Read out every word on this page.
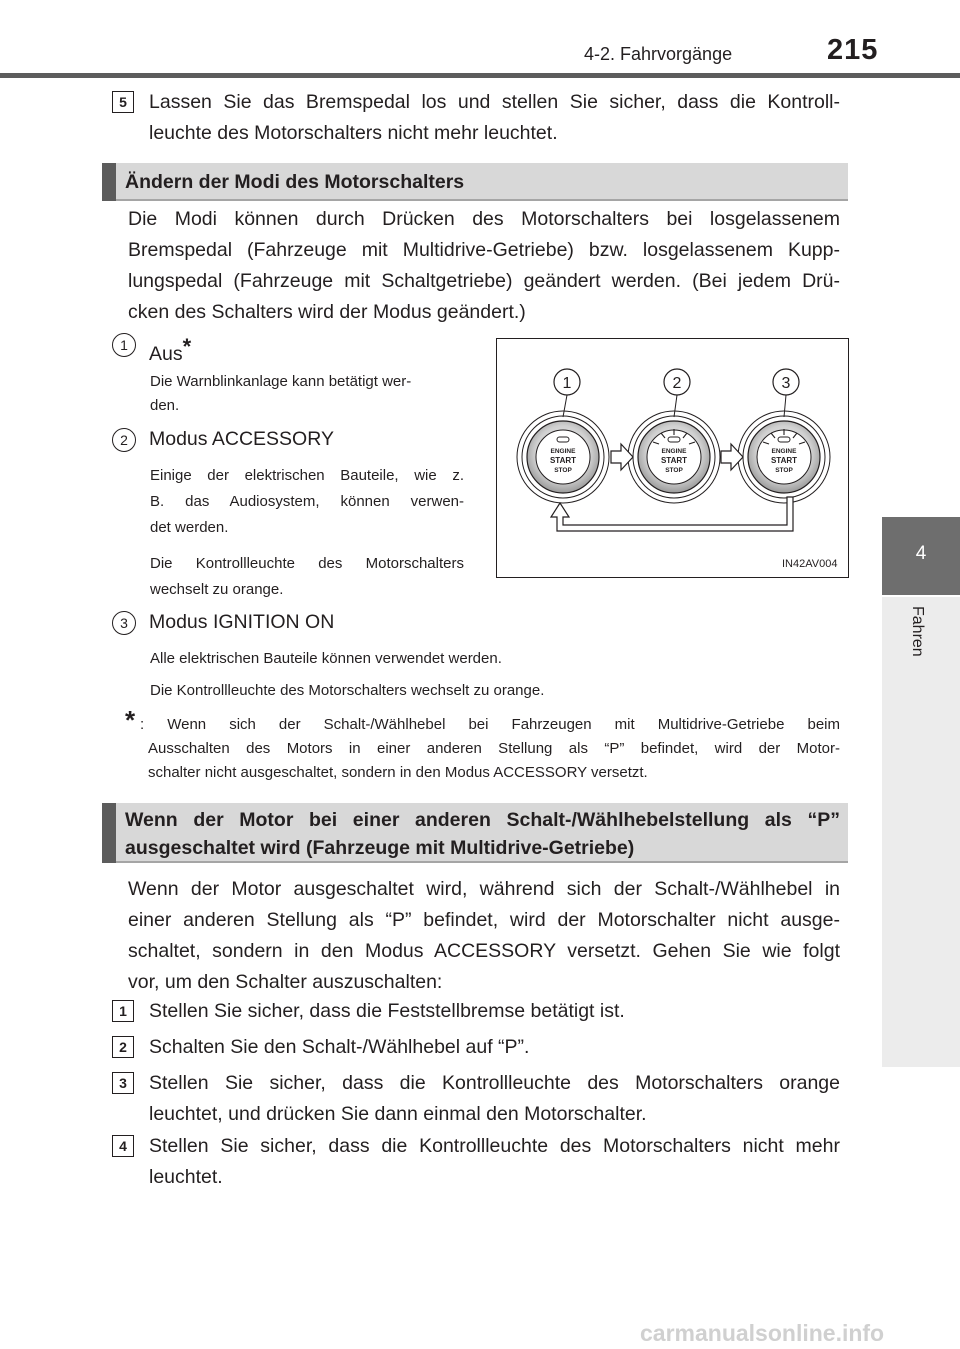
4-2. Fahrvorgänge	215
4
Fahren
5	Lassen Sie das Bremspedal los und stellen Sie sicher, dass die Kontroll-
leuchte des Motorschalters nicht mehr leuchtet.
Ändern der Modi des Motorschalters
Die Modi können durch Drücken des Motorschalters bei losgelassenem
Bremspedal (Fahrzeuge mit Multidrive-Getriebe) bzw. losgelassenem Kupp-
lungspedal (Fahrzeuge mit Schaltgetriebe) geändert werden. (Bei jedem Drü-
cken des Schalters wird der Modus geändert.)
1	Aus*
Die Warnblinkanlage kann betätigt wer-
den.
2	Modus ACCESSORY
Einige der elektrischen Bauteile, wie z.
B. das Audiosystem, können verwen-
det werden.
Die Kontrollleuchte des Motorschalters
wechselt zu orange.
1	2	3
ENGINE
START
STOP
ENGINE
START
STOP
ENGINE
START
STOP
IN42AV004
3	Modus IGNITION ON
Alle elektrischen Bauteile können verwendet werden.
Die Kontrollleuchte des Motorschalters wechselt zu orange.
* : Wenn sich der Schalt-/Wählhebel bei Fahrzeugen mit Multidrive-Getriebe beim
Ausschalten des Motors in einer anderen Stellung als “P” befindet, wird der Motor-
schalter nicht ausgeschaltet, sondern in den Modus ACCESSORY versetzt.
Wenn der Motor bei einer anderen Schalt-/Wählhebelstellung als “P”
ausgeschaltet wird (Fahrzeuge mit Multidrive-Getriebe)
Wenn der Motor ausgeschaltet wird, während sich der Schalt-/Wählhebel in
einer anderen Stellung als “P” befindet, wird der Motorschalter nicht ausge-
schaltet, sondern in den Modus ACCESSORY versetzt. Gehen Sie wie folgt
vor, um den Schalter auszuschalten:
1	Stellen Sie sicher, dass die Feststellbremse betätigt ist.
2	Schalten Sie den Schalt-/Wählhebel auf “P”.
3	Stellen Sie sicher, dass die Kontrollleuchte des Motorschalters orange
leuchtet, und drücken Sie dann einmal den Motorschalter.
4	Stellen Sie sicher, dass die Kontrollleuchte des Motorschalters nicht mehr
leuchtet.
carmanualsonline.info
